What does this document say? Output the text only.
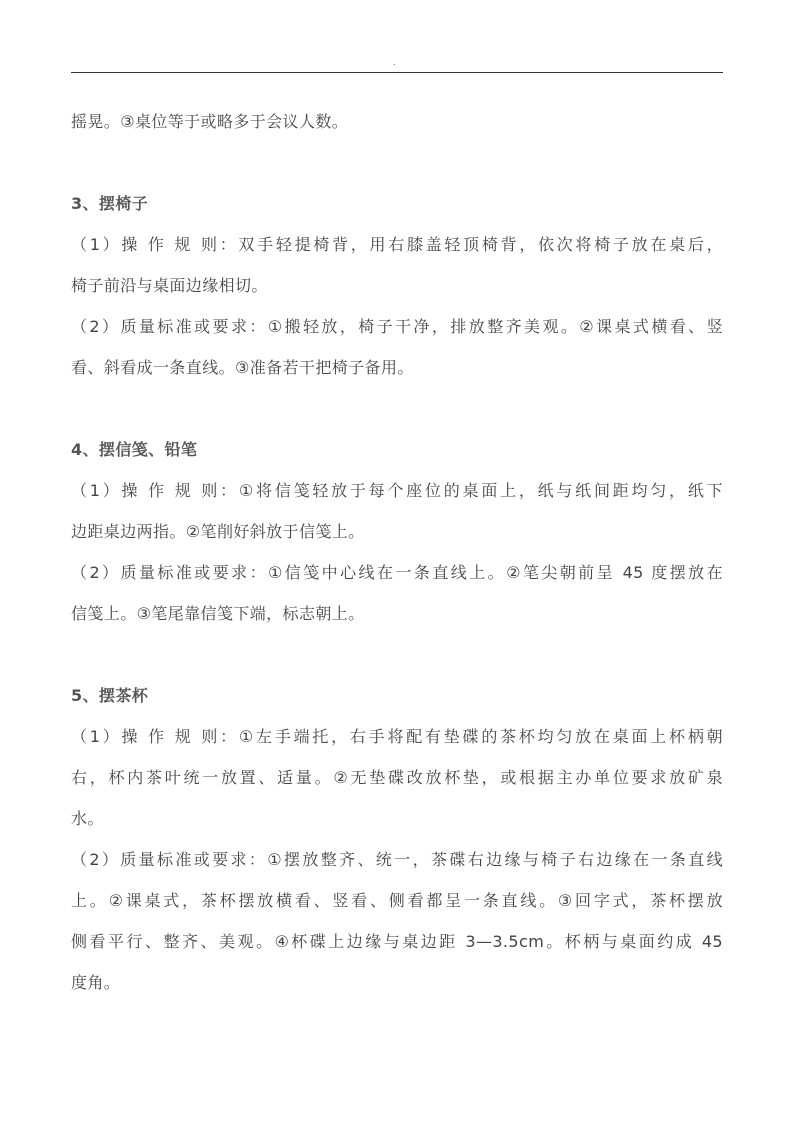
.
摇晃。③桌位等于或略多于会议人数。
3、摆椅子
（1）操 作 规 则：双手轻提椅背，用右膝盖轻顶椅背，依次将椅子放在桌后，
椅子前沿与桌面边缘相切。
（2）质量标准或要求：①搬轻放，椅子干净，排放整齐美观。②课桌式横看、竖
看、斜看成一条直线。③准备若干把椅子备用。
4、摆信笺、铅笔
（1）操 作 规 则：①将信笺轻放于每个座位的桌面上，纸与纸间距均匀，纸下
边距桌边两指。②笔削好斜放于信笺上。
（2）质量标准或要求：①信笺中心线在一条直线上。②笔尖朝前呈 45 度摆放在
信笺上。③笔尾靠信笺下端，标志朝上。
5、摆茶杯
（1）操 作 规 则：①左手端托，右手将配有垫碟的茶杯均匀放在桌面上杯柄朝
右，杯内茶叶统一放置、适量。②无垫碟改放杯垫，或根据主办单位要求放矿泉
水。
（2）质量标准或要求：①摆放整齐、统一，茶碟右边缘与椅子右边缘在一条直线
上。②课桌式，茶杯摆放横看、竖看、侧看都呈一条直线。③回字式，茶杯摆放
侧看平行、整齐、美观。④杯碟上边缘与桌边距 3—3.5cm。杯柄与桌面约成 45
度角。
